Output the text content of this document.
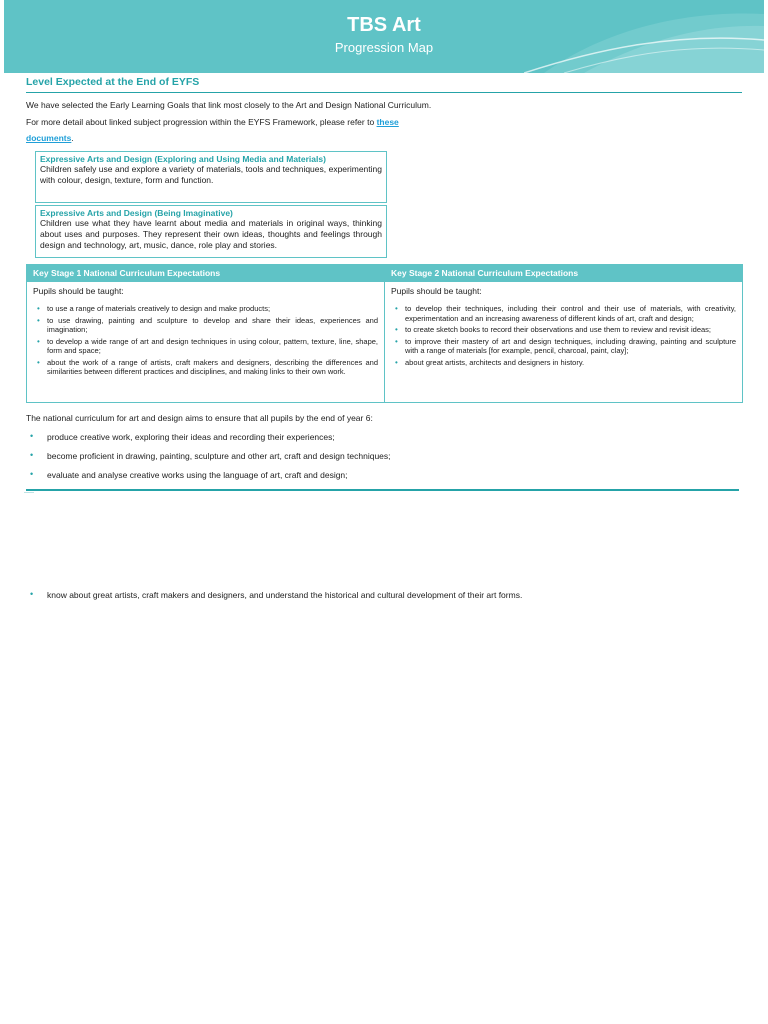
TBS Art
Progression Map
Level Expected at the End of EYFS
We have selected the Early Learning Goals that link most closely to the Art and Design National Curriculum.
For more detail about linked subject progression within the EYFS Framework, please refer to these
documents.
Expressive Arts and Design (Exploring and Using Media and Materials)
Children safely use and explore a variety of materials, tools and techniques, experimenting with colour, design, texture, form and function.
Expressive Arts and Design (Being Imaginative)
Children use what they have learnt about media and materials in original ways, thinking about uses and purposes. They represent their own ideas, thoughts and feelings through design and technology, art, music, dance, role play and stories.
Key Stage 1 National Curriculum Expectations
Pupils should be taught:
• to use a range of materials creatively to design and make products;
• to use drawing, painting and sculpture to develop and share their ideas, experiences and imagination;
• to develop a wide range of art and design techniques in using colour, pattern, texture, line, shape, form and space;
• about the work of a range of artists, craft makers and designers, describing the differences and similarities between different practices and disciplines, and making links to their own work.
Key Stage 2 National Curriculum Expectations
Pupils should be taught:
• to develop their techniques, including their control and their use of materials, with creativity, experimentation and an increasing awareness of different kinds of art, craft and design;
• to create sketch books to record their observations and use them to review and revisit ideas;
• to improve their mastery of art and design techniques, including drawing, painting and sculpture with a range of materials [for example, pencil, charcoal, paint, clay];
• about great artists, architects and designers in history.
The national curriculum for art and design aims to ensure that all pupils by the end of year 6:
• produce creative work, exploring their ideas and recording their experiences;
• become proficient in drawing, painting, sculpture and other art, craft and design techniques;
• evaluate and analyse creative works using the language of art, craft and design;
• know about great artists, craft makers and designers, and understand the historical and cultural development of their art forms.
